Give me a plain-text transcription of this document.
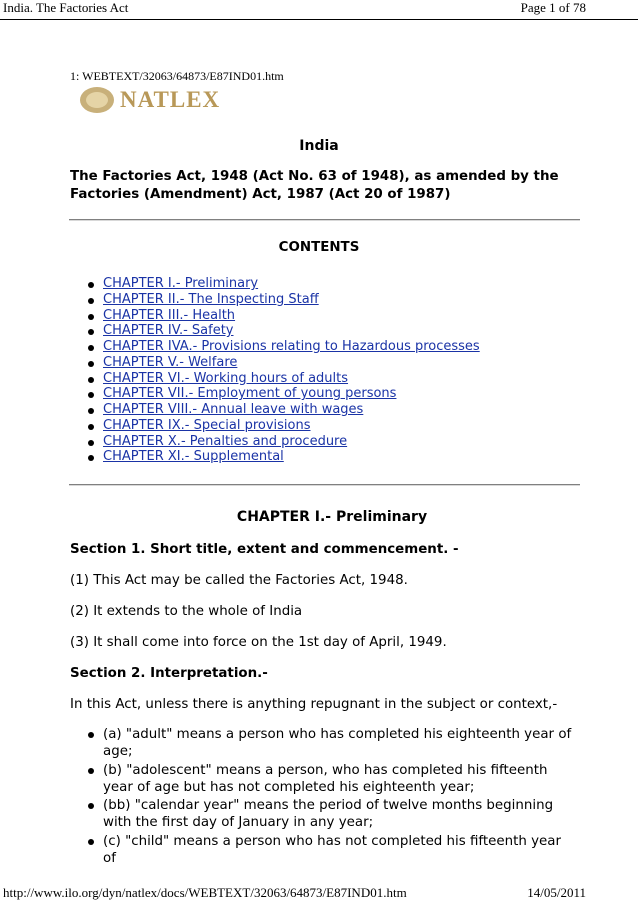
India. The Factories Act	Page 1 of 78
1: WEBTEXT/32063/64873/E87IND01.htm
NATLEX
India
The Factories Act, 1948 (Act No. 63 of 1948), as amended by the Factories (Amendment) Act, 1987 (Act 20 of 1987)
CONTENTS
CHAPTER I.- Preliminary
CHAPTER II.- The Inspecting Staff
CHAPTER III.- Health
CHAPTER IV.- Safety
CHAPTER IVA.- Provisions relating to Hazardous processes
CHAPTER V.- Welfare
CHAPTER VI.- Working hours of adults
CHAPTER VII.- Employment of young persons
CHAPTER VIII.- Annual leave with wages
CHAPTER IX.- Special provisions
CHAPTER X.- Penalties and procedure
CHAPTER XI.- Supplemental
CHAPTER I.- Preliminary
Section 1. Short title, extent and commencement. -
(1) This Act may be called the Factories Act, 1948.
(2) It extends to the whole of India
(3) It shall come into force on the 1st day of April, 1949.
Section 2. Interpretation.-
In this Act, unless there is anything repugnant in the subject or context,-
(a) "adult" means a person who has completed his eighteenth year of age;
(b) "adolescent" means a person, who has completed his fifteenth year of age but has not completed his eighteenth year;
(bb) "calendar year" means the period of twelve months beginning with the first day of January in any year;
(c) "child" means a person who has not completed his fifteenth year of
http://www.ilo.org/dyn/natlex/docs/WEBTEXT/32063/64873/E87IND01.htm	14/05/2011
